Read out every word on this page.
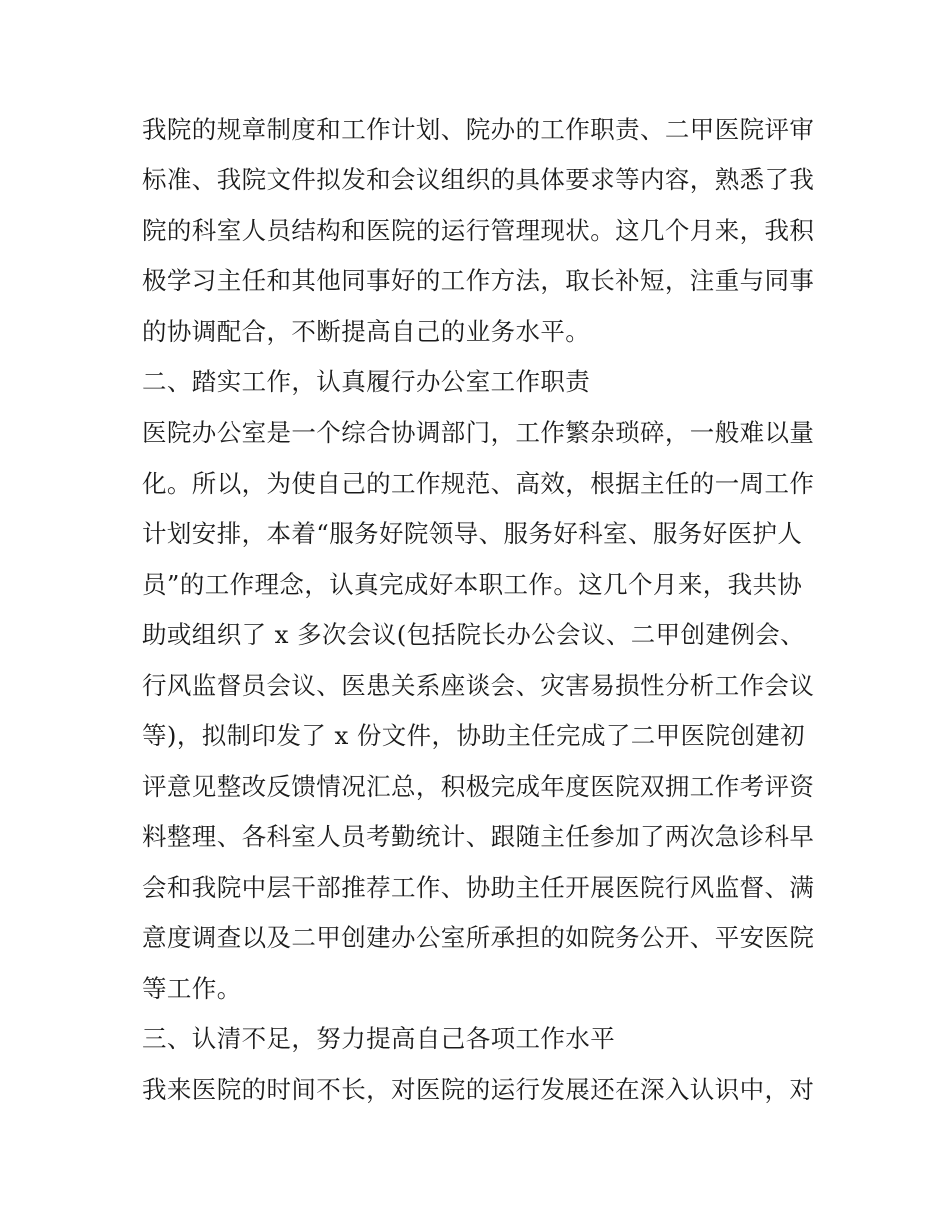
我院的规章制度和工作计划、院办的工作职责、二甲医院评审
标准、我院文件拟发和会议组织的具体要求等内容，熟悉了我
院的科室人员结构和医院的运行管理现状。这几个月来，我积
极学习主任和其他同事好的工作方法，取长补短，注重与同事
的协调配合，不断提高自己的业务水平。
二、踏实工作，认真履行办公室工作职责
医院办公室是一个综合协调部门，工作繁杂琐碎，一般难以量
化。所以，为使自己的工作规范、高效，根据主任的一周工作
计划安排，本着“服务好院领导、服务好科室、服务好医护人
员”的工作理念，认真完成好本职工作。这几个月来，我共协
助或组织了 x 多次会议(包括院长办公会议、二甲创建例会、
行风监督员会议、医患关系座谈会、灾害易损性分析工作会议
等)，拟制印发了 x 份文件，协助主任完成了二甲医院创建初
评意见整改反馈情况汇总，积极完成年度医院双拥工作考评资
料整理、各科室人员考勤统计、跟随主任参加了两次急诊科早
会和我院中层干部推荐工作、协助主任开展医院行风监督、满
意度调查以及二甲创建办公室所承担的如院务公开、平安医院
等工作。
三、认清不足，努力提高自己各项工作水平
我来医院的时间不长，对医院的运行发展还在深入认识中，对
